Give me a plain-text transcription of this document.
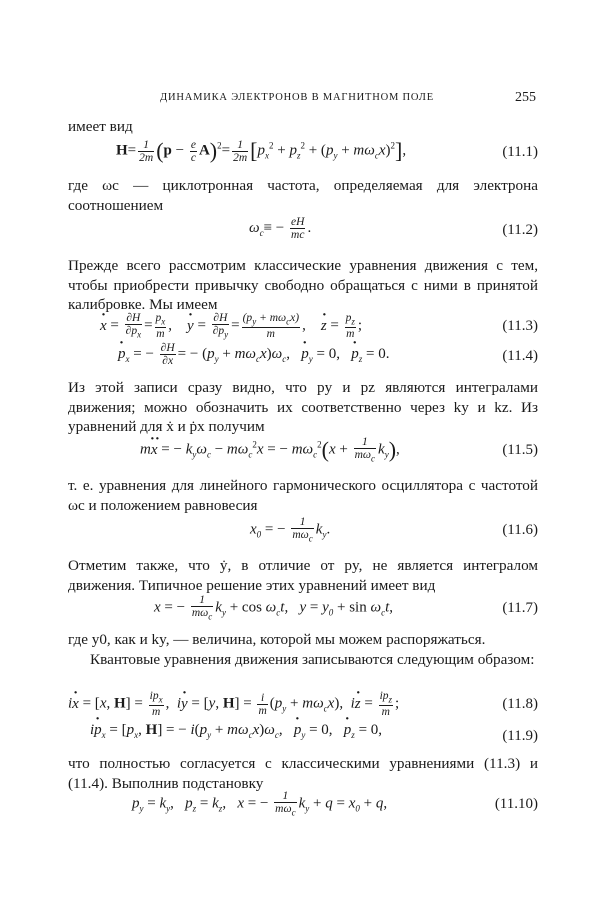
ДИНАМИКА ЭЛЕКТРОНОВ В МАГНИТНОМ ПОЛЕ	255
имеет вид
$H= \frac{1}{2m} (p - \frac{e}{c} A)^2= \frac{1}{2m} [p_x^2 + p_z^2 + (p_y + m\omega_cx)^2]$,	(11.1)
где ωc — циклотронная частота, определяемая для электрона соотношением
$\omega_c\equiv - \frac{eH}{mc}$ .	(11.2)
Прежде всего рассмотрим классические уравнения движения с тем, чтобы приобрести привычку свободно обращаться с ними в принятой калибровке. Мы имеем
· $x = \frac{\partial H}{\partial p_x} = \frac{p_x}{m}$ ,    · $y = \frac{\partial H}{\partial p_y} = \frac{(p_y + m\omega_cx)}{m}$ ,    · $z = \frac{p_z}{m}$ ;	(11.3)
· $p_x$ = − $\frac{\partial H}{\partial x}$ = − $(p_y + m\omega_cx)\omega_c$,   · $p_y = 0$,   · $p_z = 0$.	(11.4)
Из этой записи сразу видно, что py и pz являются интегралами движения; можно обозначить их соответственно через ky и kz. Из уравнений для ẋ и ṗx получим
m·· x = − $k_y\omega_c - m\omega_c^2x$ = − $m\omega_c^2(x + \frac{1}{m\omega_c} k_y)$,	(11.5)
т. е. уравнения для линейного гармонического осциллятора с частотой ωc и положением равновесия
$x_0$ = − $\frac{1}{m\omega_c} k_y$.	(11.6)
Отметим также, что ẏ, в отличие от py, не является интегралом движения. Типичное решение этих уравнений имеет вид
x = − $\frac{1}{m\omega_c} k_y + \cos \omega_ct$,   $y = y_0 + \sin \omega_ct$,	(11.7)
где y0, как и ky, — величина, которой мы можем распоряжаться.
Квантовые уравнения движения записываются следующим образом:
i· x = [x, $H] = \frac{ip_x}{m}$ ,  i· y = [y, $H] = \frac{i}{m} (p_y + m\omega_cx)$,  $i\cdot z = \frac{ip_z}{m}$ ;	(11.8)
$i\cdot p_x = [p_x$, H] = − $i(p_y + m\omega_cx)\omega_c$,   · $p_y = 0$,   · $p_z = 0$,	(11.9)
что полностью согласуется с классическими уравнениями (11.3) и (11.4). Выполнив подстановку
$p_y = k_y$,   $p_z = k_z$,   x = − $\frac{1}{m\omega_c} k_y + q = x_0 + q$,	(11.10)
